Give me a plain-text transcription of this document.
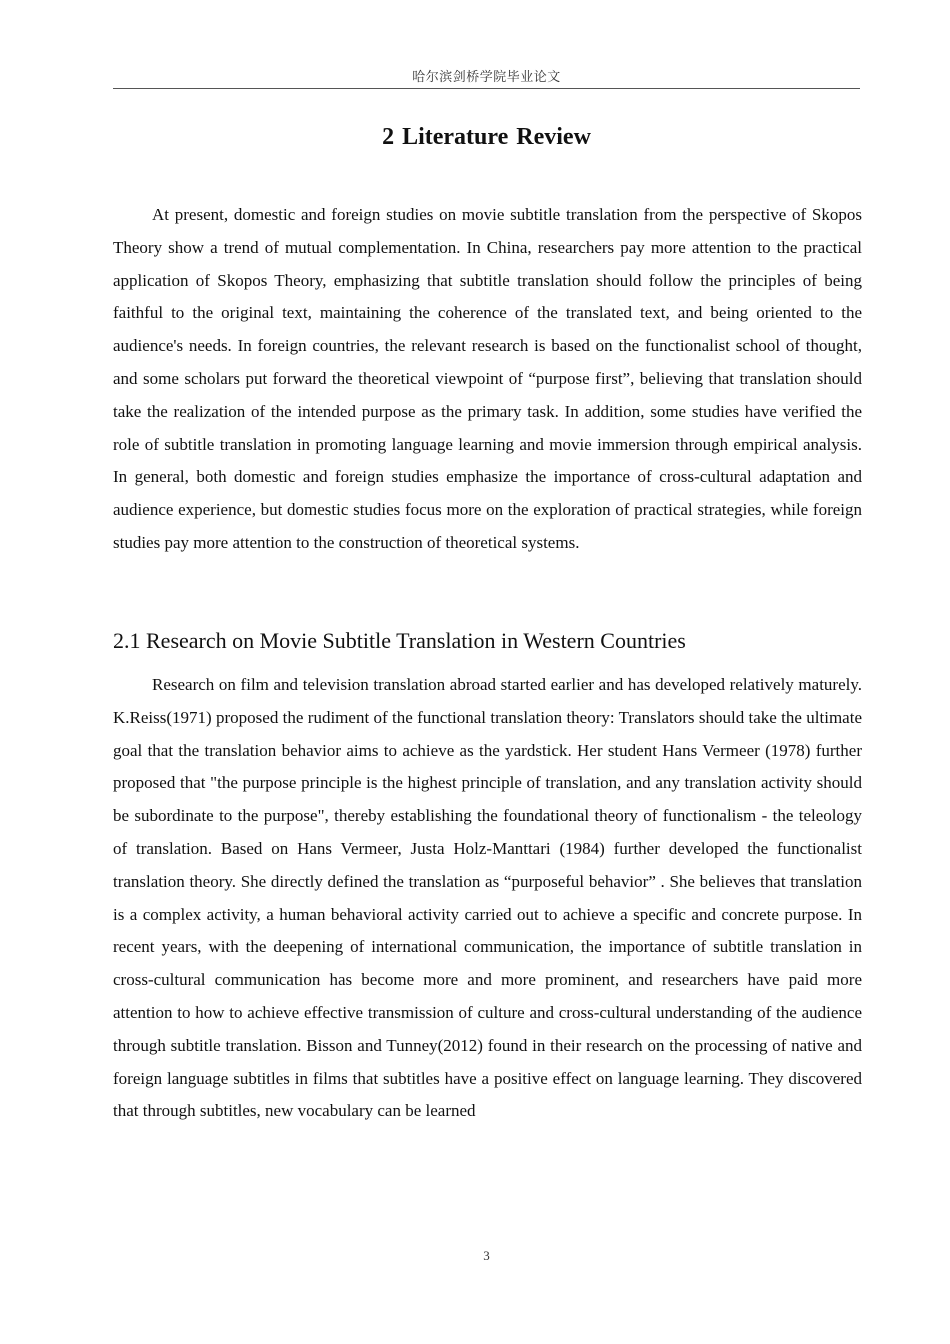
哈尔滨剑桥学院毕业论文
2 Literature Review

At present, domestic and foreign studies on movie subtitle translation from the perspective of Skopos Theory show a trend of mutual complementation. In China, researchers pay more attention to the practical application of Skopos Theory, emphasizing that subtitle translation should follow the principles of being faithful to the original text, maintaining the coherence of the translated text, and being oriented to the audience's needs. In foreign countries, the relevant research is based on the functionalist school of thought, and some scholars put forward the theoretical viewpoint of “purpose first”, believing that translation should take the realization of the intended purpose as the primary task. In addition, some studies have verified the role of subtitle translation in promoting language learning and movie immersion through empirical analysis. In general, both domestic and foreign studies emphasize the importance of cross-cultural adaptation and audience experience, but domestic studies focus more on the exploration of practical strategies, while foreign studies pay more attention to the construction of theoretical systems.

2.1 Research on Movie Subtitle Translation in Western Countries

Research on film and television translation abroad started earlier and has developed relatively maturely. K.Reiss(1971) proposed the rudiment of the functional translation theory: Translators should take the ultimate goal that the translation behavior aims to achieve as the yardstick. Her student Hans Vermeer (1978) further proposed that "the purpose principle is the highest principle of translation, and any translation activity should be subordinate to the purpose", thereby establishing the foundational theory of functionalism - the teleology of translation. Based on Hans Vermeer, Justa Holz-Manttari (1984) further developed the functionalist translation theory. She directly defined the translation as “purposeful behavior” . She believes that translation is a complex activity, a human behavioral activity carried out to achieve a specific and concrete purpose. In recent years, with the deepening of international communication, the importance of subtitle translation in cross-cultural communication has become more and more prominent, and researchers have paid more attention to how to achieve effective transmission of culture and cross-cultural understanding of the audience through subtitle translation. Bisson and Tunney(2012) found in their research on the processing of native and foreign language subtitles in films that subtitles have a positive effect on language learning. They discovered that through subtitles, new vocabulary can be learned

3
